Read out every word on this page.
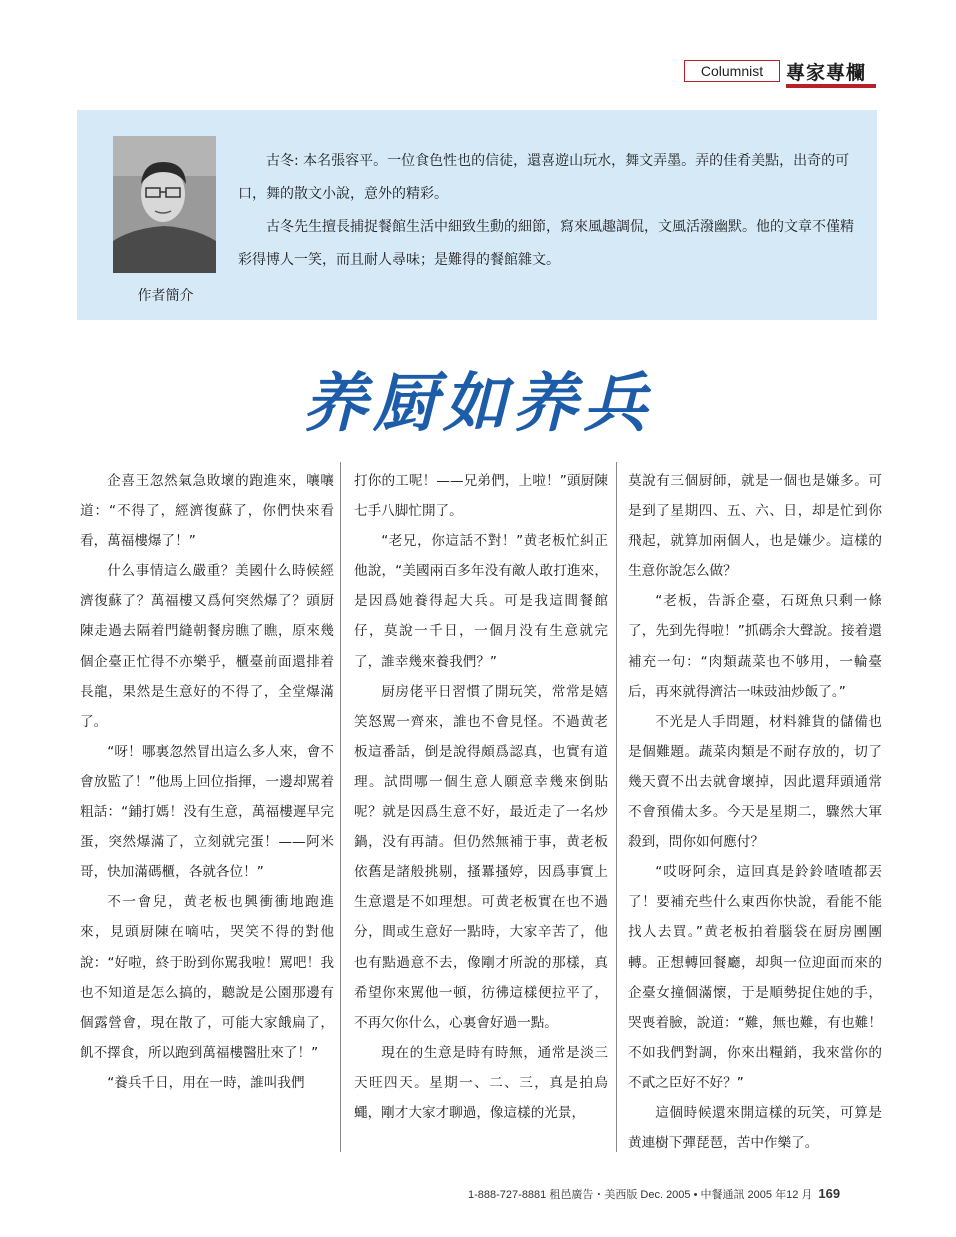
Columnist	專家專欄
作者簡介

古冬: 本名張容平。一位食色性也的信徒，還喜遊山玩水，舞文弄墨。弄的佳肴美點，出奇的可口，舞的散文小說，意外的精彩。

古冬先生擅長捕捉餐館生活中細致生動的細節，寫來風趣調侃，文風活潑幽默。他的文章不僅精彩得博人一笑，而且耐人尋味；是難得的餐館雜文。

养厨如养兵

企喜王忽然氣急敗壞的跑進來，嚷嚷道：“不得了，經濟復蘇了，你們快來看看，萬福樓爆了！”

什么事情這么嚴重？美國什么時候經濟復蘇了？萬福樓又爲何突然爆了？頭厨陳走過去隔着門縫朝餐房瞧了瞧，原來幾個企臺正忙得不亦樂乎，櫃臺前面還排着長龍，果然是生意好的不得了，全堂爆滿了。

“呀！哪裏忽然冒出這么多人來，會不會放監了！”他馬上回位指揮，一邊却駡着粗話：“鋪打媽！没有生意，萬福樓遲早完蛋，突然爆滿了，立刻就完蛋！——阿米哥，快加滿碼櫃，各就各位！”

不一會兒，黄老板也興衝衝地跑進來，見頭厨陳在嘀咕，哭笑不得的對他說：“好啦，終于盼到你駡我啦！駡吧！我也不知道是怎么搞的，聽說是公園那邊有個露營會，現在散了，可能大家餓扁了，飢不擇食，所以跑到萬福樓醫肚來了！”

“養兵千日，用在一時，誰叫我們

打你的工呢！——兄弟們，上啦！”頭厨陳七手八脚忙開了。

“老兄，你這話不對！”黄老板忙糾正他說，“美國兩百多年没有敵人敢打進來，是因爲她養得起大兵。可是我這間餐館仔，莫說一千日，一個月没有生意就完了，誰幸幾來養我們？”

厨房佬平日習慣了開玩笑，常常是嬉笑怒駡一齊來，誰也不會見怪。不過黄老板這番話，倒是說得頗爲認真，也實有道理。試問哪一個生意人願意幸幾來倒貼呢？就是因爲生意不好，最近走了一名炒鍋，没有再請。但仍然無補于事，黄老板依舊是諸般挑剔，搔羃搔婷，因爲事實上生意還是不如理想。可黄老板實在也不過分，間或生意好一點時，大家辛苦了，他也有點過意不去，像剛才所說的那樣，真希望你來駡他一頓，彷彿這樣便拉平了，不再欠你什么，心裏會好過一點。

現在的生意是時有時無，通常是淡三天旺四天。星期一、二、三，真是拍烏蠅，剛才大家才聊過，像這樣的光景，

莫說有三個厨師，就是一個也是嫌多。可是到了星期四、五、六、日，却是忙到你飛起，就算加兩個人，也是嫌少。這樣的生意你說怎么做？

“老板，告訴企臺，石斑魚只剩一條了，先到先得啦！”抓碼余大聲說。接着還補充一句：“肉類蔬菜也不够用，一輪臺后，再來就得濟沽一味豉油炒飯了。”

不光是人手問題，材料雜貨的儲備也是個難題。蔬菜肉類是不耐存放的，切了幾天賣不出去就會壞掉，因此還拜頭通常不會預備太多。今天是星期二，驟然大軍殺到，問你如何應付？

“哎呀阿余，這回真是鈴鈴喳喳都丟了！要補充些什么東西你快說，看能不能找人去買。”黄老板拍着腦袋在厨房團團轉。正想轉回餐廳，却與一位迎面而來的企臺女撞個滿懷，于是順勢捉住她的手，哭喪着臉，說道：“難，無也難，有也難！不如我們對調，你來出糧銷，我來當你的不貳之臣好不好？”

這個時候還來開這樣的玩笑，可算是黄連樹下彈琵琶，苦中作樂了。

1-888-727-8881 租邑廣告・美西版 Dec. 2005 • 中餐通訊 2005 年12 月 169
